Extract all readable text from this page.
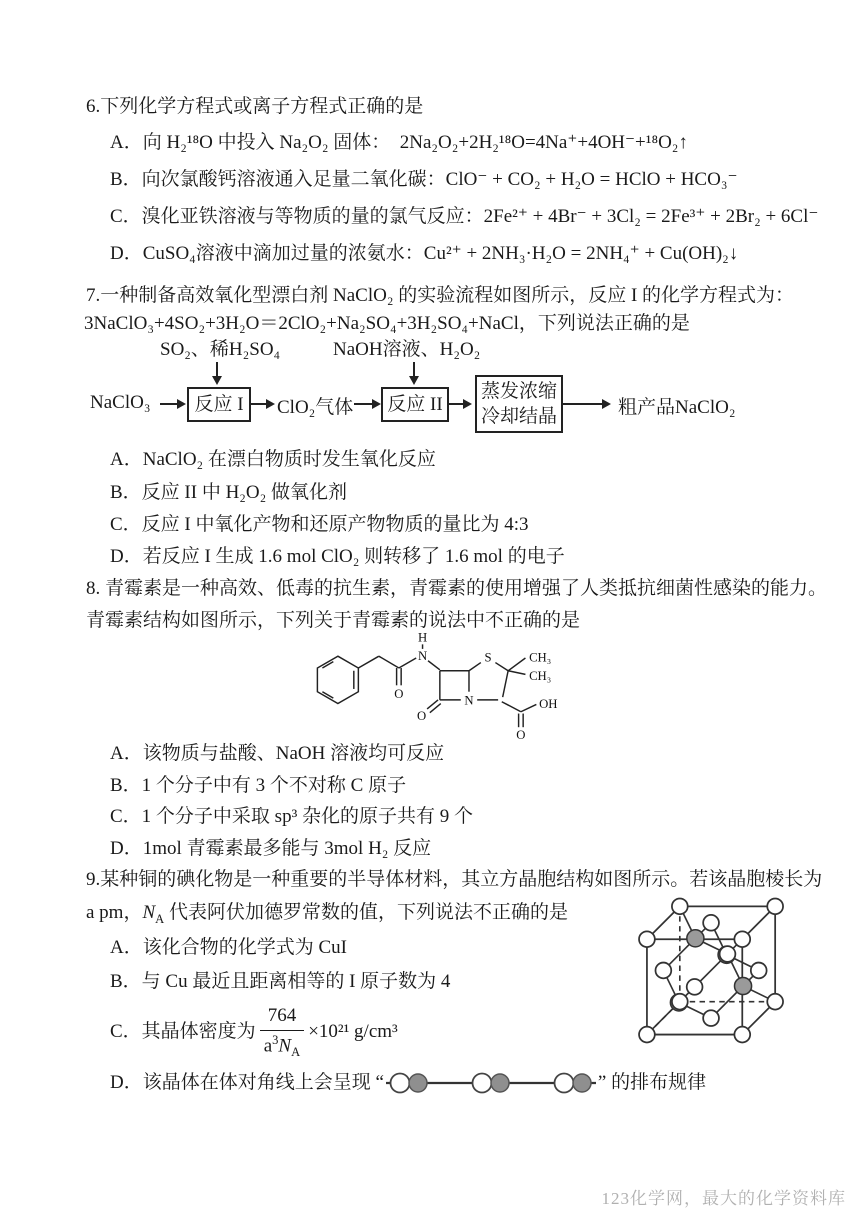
6.下列化学方程式或离子方程式正确的是
A．向 H₂¹⁸O 中投入 Na₂O₂ 固体：　2Na₂O₂+2H₂¹⁸O=4Na⁺+4OH⁻+¹⁸O₂↑
B．向次氯酸钙溶液通入足量二氧化碳：ClO⁻ + CO₂ + H₂O = HClO + HCO₃⁻
C．溴化亚铁溶液与等物质的量的氯气反应：2Fe²⁺ + 4Br⁻ + 3Cl₂ = 2Fe³⁺ + 2Br₂ + 6Cl⁻
D．CuSO₄溶液中滴加过量的浓氨水：Cu²⁺ + 2NH₃·H₂O = 2NH₄⁺ + Cu(OH)₂↓
7.一种制备高效氧化型漂白剂 NaClO₂ 的实验流程如图所示，反应 I 的化学方程式为：
3NaClO₃+4SO₂+3H₂O＝2ClO₂+Na₂SO₄+3H₂SO₄+NaCl，下列说法正确的是
SO₂、稀H₂SO₄	NaOH溶液、H₂O₂
NaClO₃	反应 I	ClO₂气体	反应 II
蒸发浓缩
冷却结晶	粗产品NaClO₂
A．NaClO₂ 在漂白物质时发生氧化反应
B．反应 II 中 H₂O₂ 做氧化剂
C．反应 I 中氧化产物和还原产物物质的量比为 4:3
D．若反应 I 生成 1.6 mol ClO₂ 则转移了 1.6 mol 的电子
8. 青霉素是一种高效、低毒的抗生素，青霉素的使用增强了人类抵抗细菌性感染的能力。
青霉素结构如图所示，下列关于青霉素的说法中不正确的是
H
N
O
O
S
N
CH₃
CH₃
OH
O
A．该物质与盐酸、NaOH 溶液均可反应
B．1 个分子中有 3 个不对称 C 原子
C．1 个分子中采取 sp³ 杂化的原子共有 9 个
D．1mol 青霉素最多能与 3mol H₂ 反应
9.某种铜的碘化物是一种重要的半导体材料，其立方晶胞结构如图所示。若该晶胞棱长为
a pm，$N_A$ 代表阿伏加德罗常数的值，下列说法不正确的是
A．该化合物的化学式为 CuI
B．与 Cu 最近且距离相等的 I 原子数为 4
C．其晶体密度为 $\frac{764}{a^3N_A} \times 10^{21}$ g/cm³
D．该晶体在体对角线上会呈现 “	” 的排布规律
123化学网，最大的化学资料库
